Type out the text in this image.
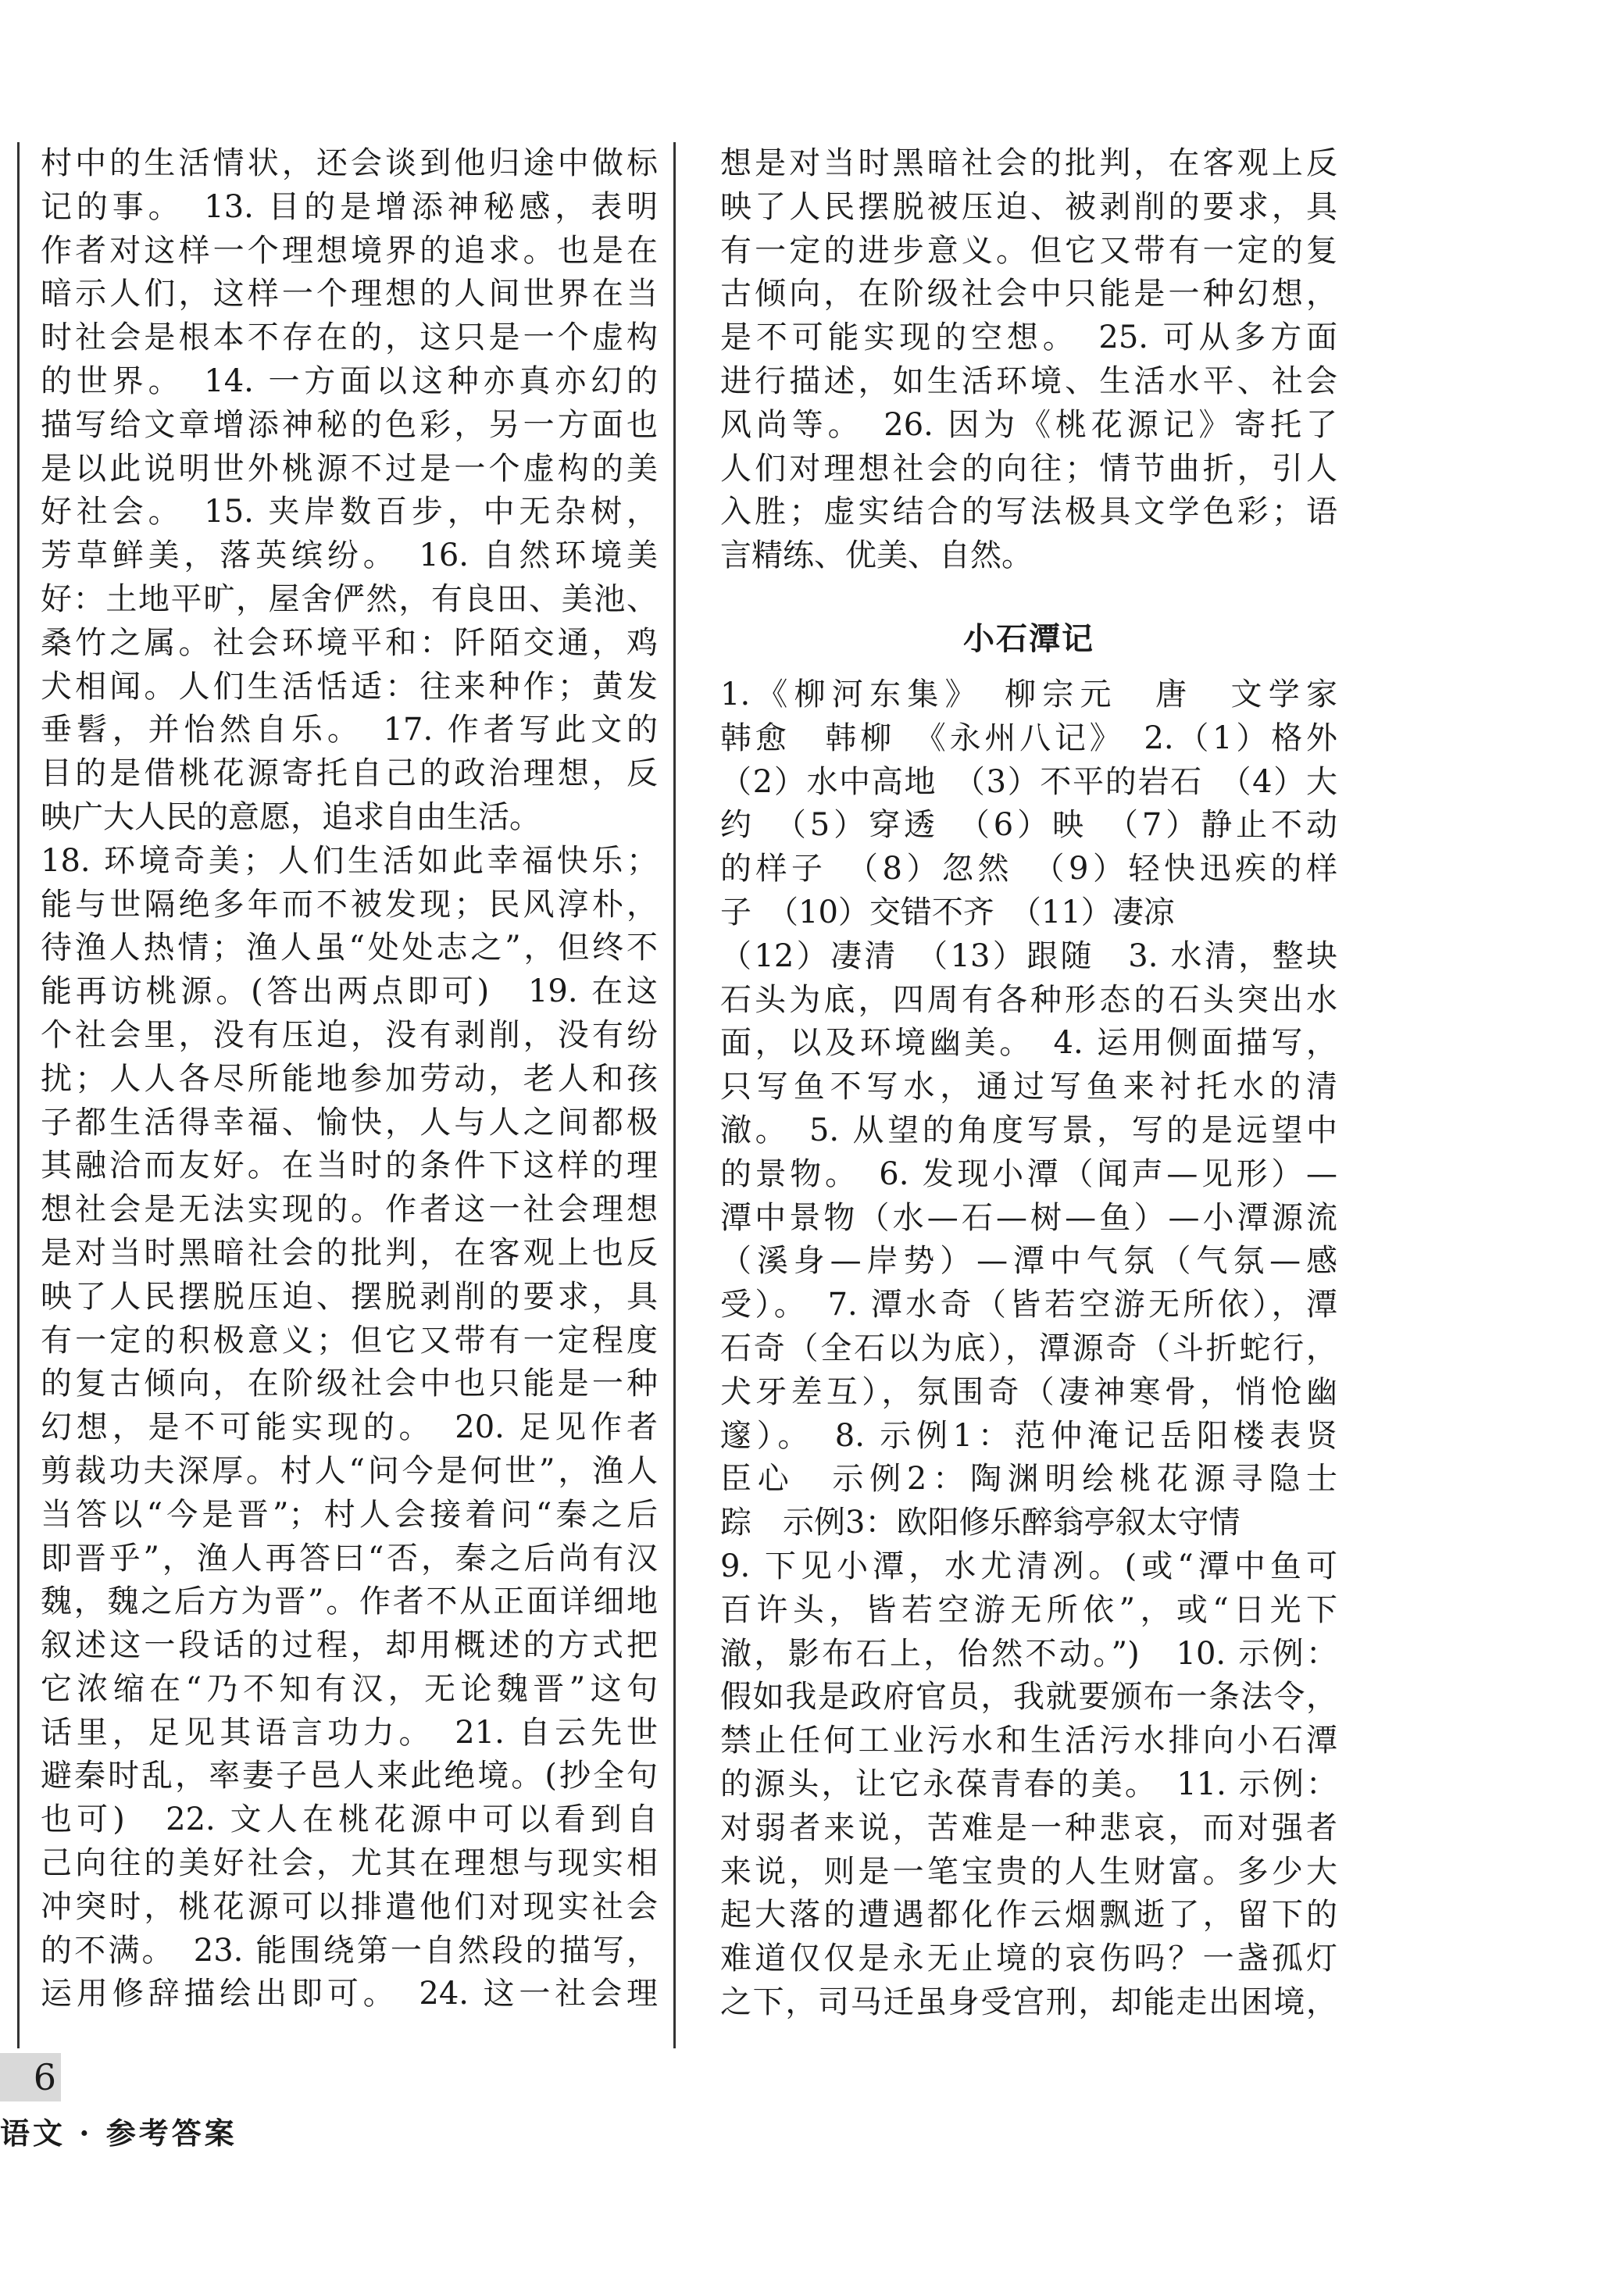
村中的生活情状，还会谈到他归途中做标
记的事。　13. 目的是增添神秘感，表明
作者对这样一个理想境界的追求。也是在
暗示人们，这样一个理想的人间世界在当
时社会是根本不存在的，这只是一个虚构
的世界。　14. 一方面以这种亦真亦幻的
描写给文章增添神秘的色彩，另一方面也
是以此说明世外桃源不过是一个虚构的美
好社会。　15. 夹岸数百步，中无杂树，
芳草鲜美，落英缤纷。　16. 自然环境美
好：土地平旷，屋舍俨然，有良田、美池、
桑竹之属。社会环境平和：阡陌交通，鸡
犬相闻。人们生活恬适：往来种作；黄发
垂髫，并怡然自乐。　17. 作者写此文的
目的是借桃花源寄托自己的政治理想，反
映广大人民的意愿，追求自由生活。
18. 环境奇美；人们生活如此幸福快乐；
能与世隔绝多年而不被发现；民风淳朴，
待渔人热情；渔人虽“处处志之”，但终不
能再访桃源。(答出两点即可)　19. 在这
个社会里，没有压迫，没有剥削，没有纷
扰；人人各尽所能地参加劳动，老人和孩
子都生活得幸福、愉快，人与人之间都极
其融洽而友好。在当时的条件下这样的理
想社会是无法实现的。作者这一社会理想
是对当时黑暗社会的批判，在客观上也反
映了人民摆脱压迫、摆脱剥削的要求，具
有一定的积极意义；但它又带有一定程度
的复古倾向，在阶级社会中也只能是一种
幻想，是不可能实现的。　20. 足见作者
剪裁功夫深厚。村人“问今是何世”，渔人
当答以“今是晋”；村人会接着问“秦之后
即晋乎”，渔人再答曰“否，秦之后尚有汉
魏，魏之后方为晋”。作者不从正面详细地
叙述这一段话的过程，却用概述的方式把
它浓缩在“乃不知有汉，无论魏晋”这句
话里，足见其语言功力。　21. 自云先世
避秦时乱，率妻子邑人来此绝境。(抄全句
也可)　22. 文人在桃花源中可以看到自
己向往的美好社会，尤其在理想与现实相
冲突时，桃花源可以排遣他们对现实社会
的不满。　23. 能围绕第一自然段的描写，
运用修辞描绘出即可。　24. 这一社会理
想是对当时黑暗社会的批判，在客观上反
映了人民摆脱被压迫、被剥削的要求，具
有一定的进步意义。但它又带有一定的复
古倾向，在阶级社会中只能是一种幻想，
是不可能实现的空想。　25. 可从多方面
进行描述，如生活环境、生活水平、社会
风尚等。　26. 因为《桃花源记》寄托了
人们对理想社会的向往；情节曲折，引人
入胜；虚实结合的写法极具文学色彩；语
言精练、优美、自然。
小石潭记
1.《柳河东集》　柳宗元　唐　文学家
韩愈　韩柳　《永州八记》　2.（1）格外
（2）水中高地　（3）不平的岩石　（4）大
约　（5）穿透　（6）映　（7）静止不动
的样子　（8）忽然　（9）轻快迅疾的样
子　（10）交错不齐　（11）凄凉
（12）凄清　（13）跟随　3. 水清，整块
石头为底，四周有各种形态的石头突出水
面，以及环境幽美。　4. 运用侧面描写，
只写鱼不写水，通过写鱼来衬托水的清
澈。　5. 从望的角度写景，写的是远望中
的景物。　6. 发现小潭（闻声—见形）—
潭中景物（水—石—树—鱼）—小潭源流
（溪身—岸势）—潭中气氛（气氛—感
受）。　7. 潭水奇（皆若空游无所依），潭
石奇（全石以为底），潭源奇（斗折蛇行，
犬牙差互），氛围奇（凄神寒骨，悄怆幽
邃）。　8. 示例1：范仲淹记岳阳楼表贤
臣心　示例2：陶渊明绘桃花源寻隐士
踪　示例3：欧阳修乐醉翁亭叙太守情
9. 下见小潭，水尤清冽。(或“潭中鱼可
百许头，皆若空游无所依”，或“日光下
澈，影布石上，佁然不动。”)　10. 示例：
假如我是政府官员，我就要颁布一条法令，
禁止任何工业污水和生活污水排向小石潭
的源头，让它永葆青春的美。　11. 示例：
对弱者来说，苦难是一种悲哀，而对强者
来说，则是一笔宝贵的人生财富。多少大
起大落的遭遇都化作云烟飘逝了，留下的
难道仅仅是永无止境的哀伤吗？一盏孤灯
之下，司马迁虽身受宫刑，却能走出困境，
6
语文 · 参考答案
